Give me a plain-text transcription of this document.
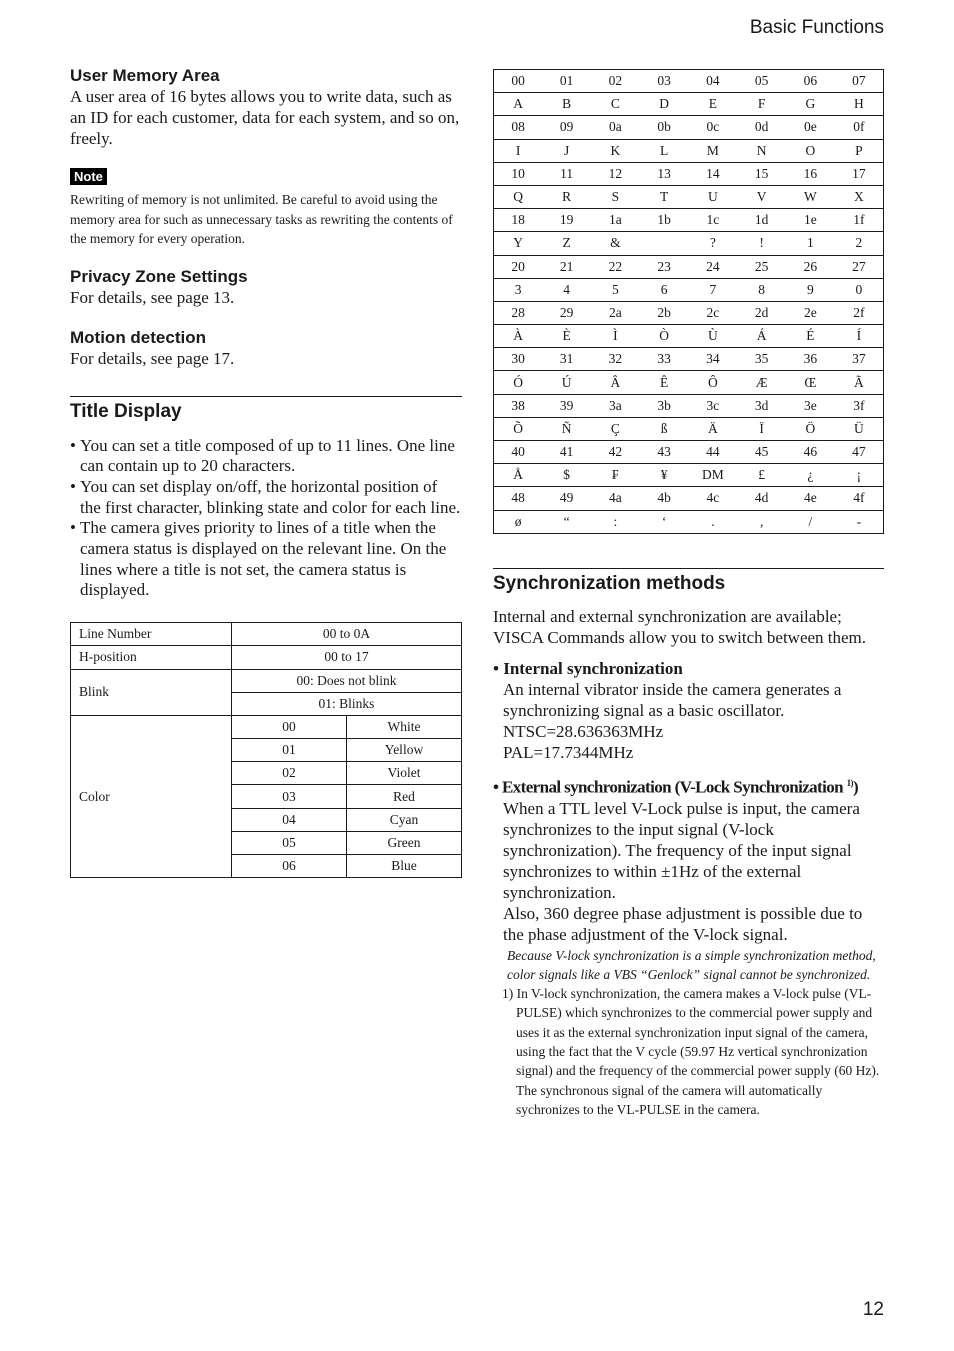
Basic Functions
User Memory Area

A user area of 16 bytes allows you to write data, such as an ID for each customer, data for each system, and so on, freely.

Note

Rewriting of memory is not unlimited. Be careful to avoid using the memory area for such as unnecessary tasks as rewriting the contents of the memory for every operation.

Privacy Zone Settings

For details, see page 13.

Motion detection

For details, see page 17.

Title Display
• You can set a title composed of up to 11 lines. One line can contain up to 20 characters.
• You can set display on/off, the horizontal position of the first character, blinking state and color for each line.
• The camera gives priority to lines of a title when the camera status is displayed on the relevant line. On the lines where a title is not set, the camera status is displayed.
Line Number	00 to 0A	
H-position	00 to 17	
Blink	00: Does not blink	
	01: Blinks	
Color	00	White
	01	Yellow
	02	Violet
	03	Red
	04	Cyan
	05	Green
	06	Blue
00	01	02	03	04	05	06	07
A	B	C	D	E	F	G	H
08	09	0a	0b	0c	0d	0e	0f
I	J	K	L	M	N	O	P
10	11	12	13	14	15	16	17
Q	R	S	T	U	V	W	X
18	19	1a	1b	1c	1d	1e	1f
Y	Z	&		?	!	1	2
20	21	22	23	24	25	26	27
3	4	5	6	7	8	9	0
28	29	2a	2b	2c	2d	2e	2f
À	È	Ì	Ò	Ù	Á	É	Í
30	31	32	33	34	35	36	37
Ó	Ú	Â	Ê	Ô	Æ	Œ	Ã
38	39	3a	3b	3c	3d	3e	3f
Õ	Ñ	Ç	ß	Ä	Ï	Ö	Ü
40	41	42	43	44	45	46	47
Å	$	₣	¥	DM	£	¿	¡
48	49	4a	4b	4c	4d	4e	4f
ø	“	:	‘	.	,	/	-
Synchronization methods

Internal and external synchronization are available; VISCA Commands allow you to switch between them.

• Internal synchronization

An internal vibrator inside the camera generates a synchronizing signal as a basic oscillator.

NTSC=28.636363MHz

PAL=17.7344MHz

• External synchronization (V-Lock Synchronization $^{1)}$)

When a TTL level V-Lock pulse is input, the camera synchronizes to the input signal (V-lock synchronization). The frequency of the input signal synchronizes to within ±1Hz of the external synchronization.

Also, 360 degree phase adjustment is possible due to the phase adjustment of the V-lock signal.

Because V-lock synchronization is a simple synchronization method, color signals like a VBS “Genlock” signal cannot be synchronized.

1) In V-lock synchronization, the camera makes a V-lock pulse (VL-PULSE) which synchronizes to the commercial power supply and uses it as the external synchronization input signal of the camera, using the fact that the V cycle (59.97 Hz vertical synchronization signal) and the frequency of the commercial power supply (60 Hz). The synchronous signal of the camera will automatically sychronizes to the VL-PULSE in the camera.

12
